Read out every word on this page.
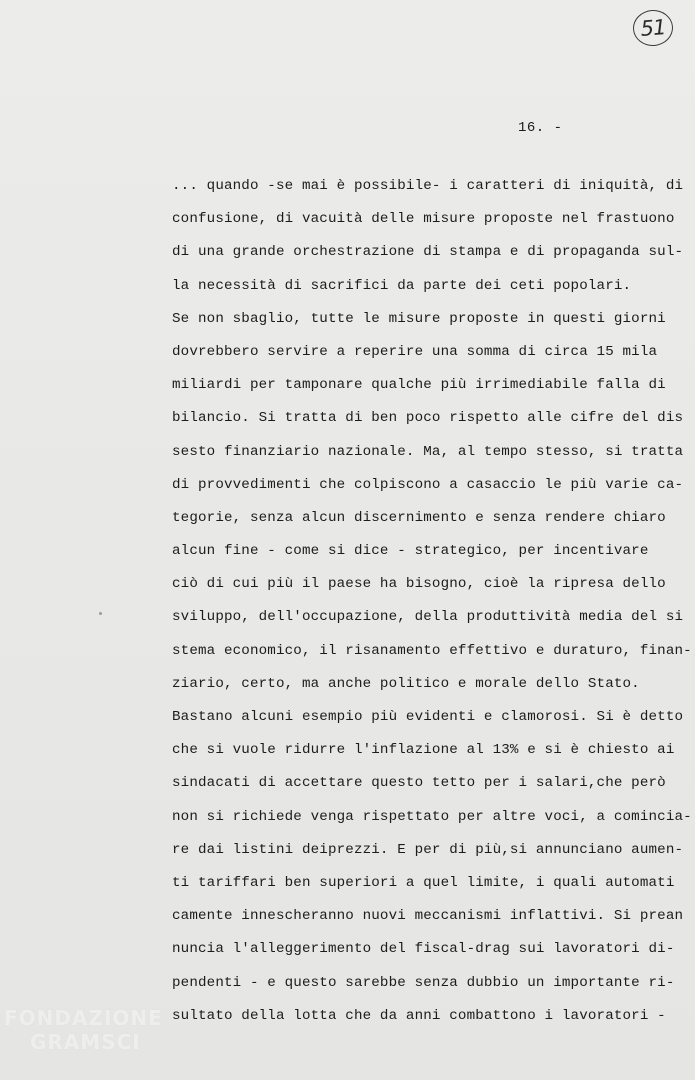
51
16. -
... quando -se mai è possibile- i caratteri di iniquità, di
confusione, di vacuità delle misure proposte nel frastuono
di una grande orchestrazione di stampa e di propaganda sul-
la necessità di sacrifici da parte dei ceti popolari.
Se non sbaglio, tutte le misure proposte in questi giorni
dovrebbero servire a reperire una somma di circa 15 mila
miliardi per tamponare qualche più irrimediabile falla di
bilancio. Si tratta di ben poco rispetto alle cifre del dis
sesto finanziario nazionale. Ma, al tempo stesso, si tratta
di provvedimenti che colpiscono a casaccio le più varie ca-
tegorie, senza alcun discernimento e senza rendere chiaro
alcun fine - come si dice - strategico, per incentivare
ciò di cui più il paese ha bisogno, cioè la ripresa dello
sviluppo, dell'occupazione, della produttività media del si
stema economico, il risanamento effettivo e duraturo, finan-
ziario, certo, ma anche politico e morale dello Stato.
Bastano alcuni esempio più evidenti e clamorosi. Si è detto
che si vuole ridurre l'inflazione al 13% e si è chiesto ai
sindacati di accettare questo tetto per i salari,che però
non si richiede venga rispettato per altre voci, a comincia-
re dai listini deiprezzi. E per di più,si annunciano aumen-
ti tariffari ben superiori a quel limite, i quali automati
camente innescheranno nuovi meccanismi inflattivi. Si prean
nuncia l'alleggerimento del fiscal-drag sui lavoratori di-
pendenti - e questo sarebbe senza dubbio un importante ri-
sultato della lotta che da anni combattono i lavoratori -
FONDAZIONE
GRAMSCI
